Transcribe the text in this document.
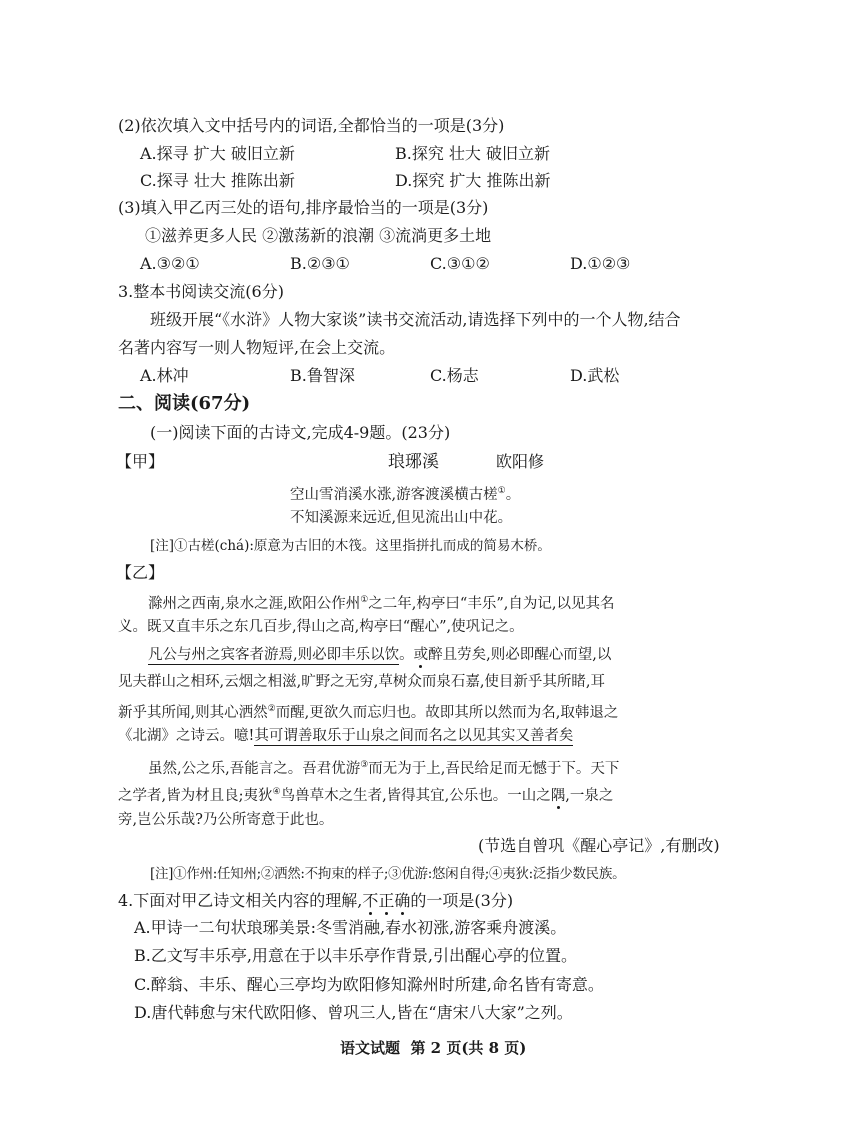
(2)依次填入文中括号内的词语,全都恰当的一项是(3分)
A.探寻 扩大 破旧立新	B.探究 壮大 破旧立新
C.探寻 壮大 推陈出新	D.探究 扩大 推陈出新
(3)填入甲乙丙三处的语句,排序最恰当的一项是(3分)
①滋养更多人民 ②激荡新的浪潮 ③流淌更多土地
A.③②①	B.②③①	C.③①②	D.①②③
3.整本书阅读交流(6分)
班级开展“《水浒》人物大家谈”读书交流活动,请选择下列中的一个人物,结合
名著内容写一则人物短评,在会上交流。
A.林冲	B.鲁智深	C.杨志	D.武松
二、阅读(67分)
(一)阅读下面的古诗文,完成4-9题。(23分)
【甲】	琅琊溪	欧阳修
空山雪消溪水涨,游客渡溪横古槎①。
不知溪源来远近,但见流出山中花。
[注]①古槎(chá):原意为古旧的木筏。这里指拼扎而成的简易木桥。
【乙】
滁州之西南,泉水之涯,欧阳公作州①之二年,构亭曰“丰乐”,自为记,以见其名
义。既又直丰乐之东几百步,得山之高,构亭曰“醒心”,使巩记之。
凡公与州之宾客者游焉,则必即丰乐以饮。或醉且劳矣,则必即醒心而望,以
见夫群山之相环,云烟之相滋,旷野之无穷,草树众而泉石嘉,使目新乎其所睹,耳
新乎其所闻,则其心洒然②而醒,更欲久而忘归也。故即其所以然而为名,取韩退之
《北湖》之诗云。噫!其可谓善取乐于山泉之间而名之以见其实又善者矣
虽然,公之乐,吾能言之。吾君优游③而无为于上,吾民给足而无憾于下。天下
之学者,皆为材且良;夷狄④鸟兽草木之生者,皆得其宜,公乐也。一山之隅,一泉之
旁,岂公乐哉?乃公所寄意于此也。
(节选自曾巩《醒心亭记》,有删改)
[注]①作州:任知州;②洒然:不拘束的样子;③优游:悠闲自得;④夷狄:泛指少数民族。
4.下面对甲乙诗文相关内容的理解,不正确的一项是(3分)
A.甲诗一二句状琅琊美景:冬雪消融,春水初涨,游客乘舟渡溪。
B.乙文写丰乐亭,用意在于以丰乐亭作背景,引出醒心亭的位置。
C.醉翁、丰乐、醒心三亭均为欧阳修知滁州时所建,命名皆有寄意。
D.唐代韩愈与宋代欧阳修、曾巩三人,皆在“唐宋八大家”之列。
语文试题  第 2 页(共 8 页)
